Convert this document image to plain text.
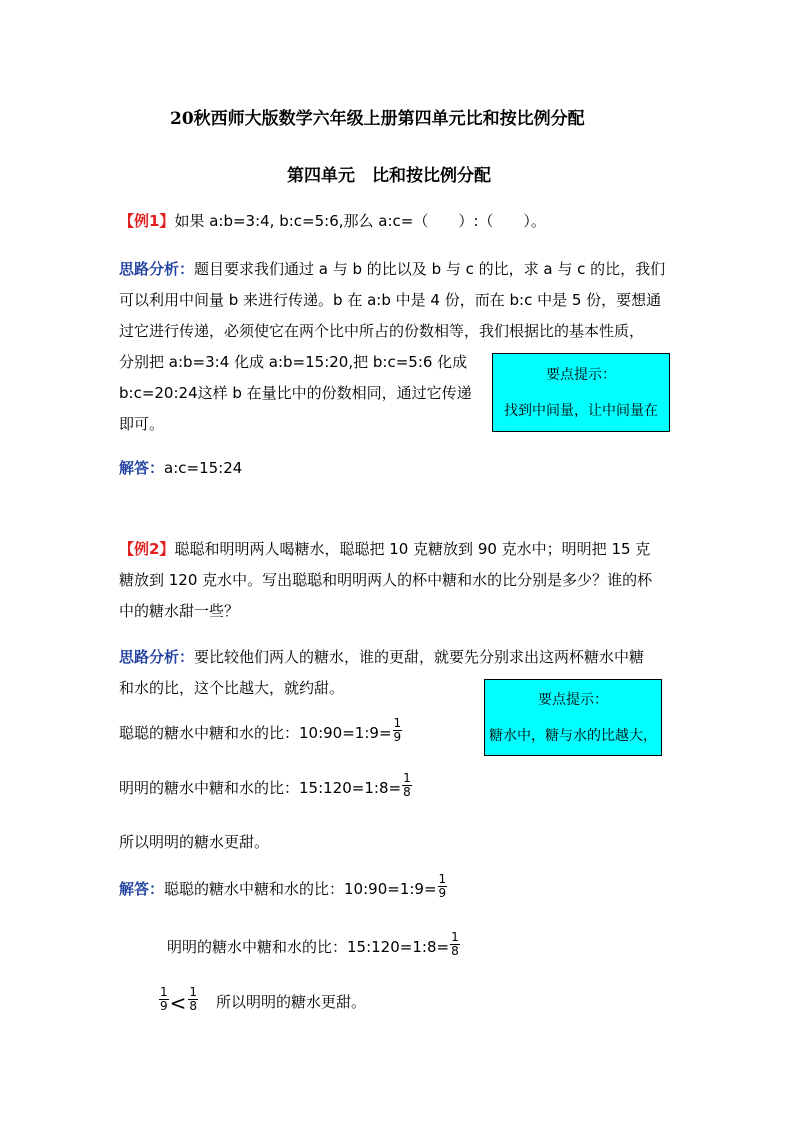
20秋西师大版数学六年级上册第四单元比和按比例分配
第四单元　比和按比例分配
【例1】如果 a:b=3:4, b:c=5:6,那么 a:c=（　　）:（　　）。
思路分析：题目要求我们通过 a 与 b 的比以及 b 与 c 的比，求 a 与 c 的比，我们
可以利用中间量 b 来进行传递。b 在 a:b 中是 4 份，而在 b:c 中是 5 份，要想通
过它进行传递，必须使它在两个比中所占的份数相等，我们根据比的基本性质，
分别把 a:b=3:4 化成 a:b=15:20,把 b:c=5:6 化成
b:c=20:24这样 b 在量比中的份数相同，通过它传递
即可。
要点提示：
找到中间量，让中间量在
解答：a:c=15:24
【例2】聪聪和明明两人喝糖水，聪聪把 10 克糖放到 90 克水中；明明把 15 克
糖放到 120 克水中。写出聪聪和明明两人的杯中糖和水的比分别是多少？谁的杯
中的糖水甜一些？
思路分析：要比较他们两人的糖水，谁的更甜，就要先分别求出这两杯糖水中糖
和水的比，这个比越大，就约甜。
要点提示：
糖水中，糖与水的比越大，
聪聪的糖水中糖和水的比：10:90=1:9= $\frac{1}{9}$
明明的糖水中糖和水的比：15:120=1:8= $\frac{1}{8}$
所以明明的糖水更甜。
解答：聪聪的糖水中糖和水的比：10:90=1:9= $\frac{1}{9}$
明明的糖水中糖和水的比：15:120=1:8= $\frac{1}{8}$
$\frac{1}{9} < \frac{1}{8}$ 所以明明的糖水更甜。
